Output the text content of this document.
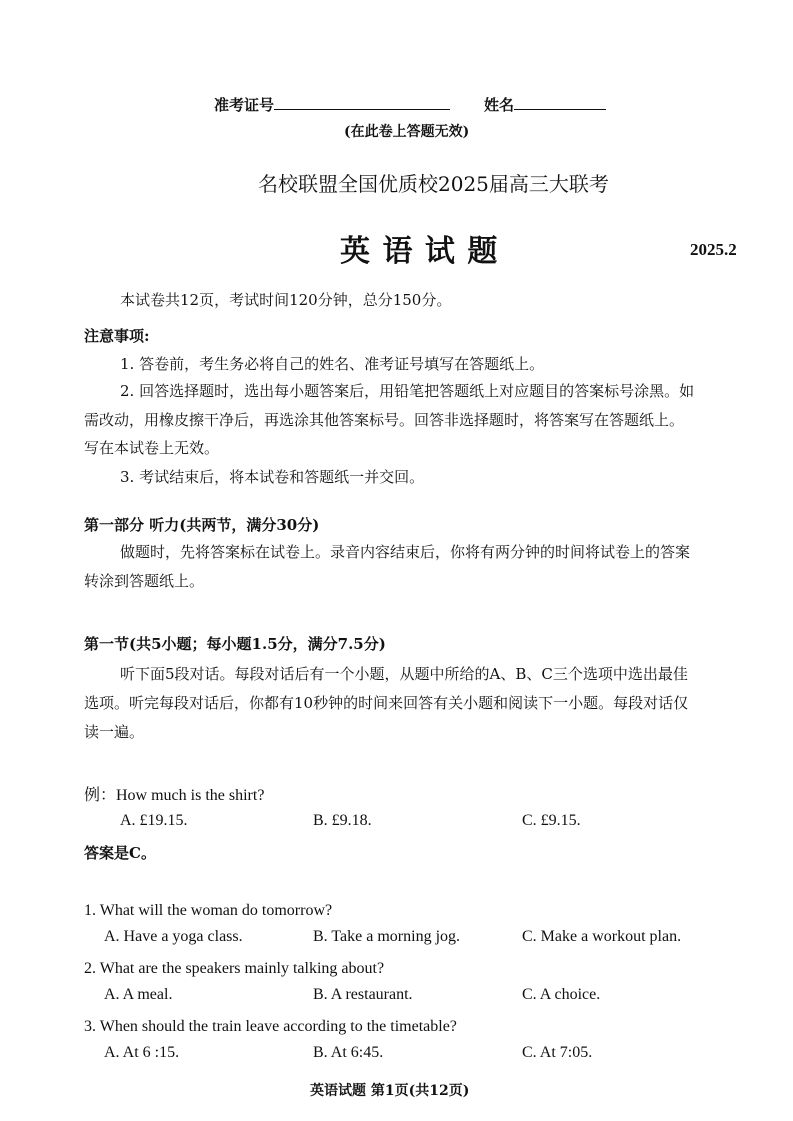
准考证号	姓名
(在此卷上答题无效)
名校联盟全国优质校2025届高三大联考
英 语 试 题	2025.2
本试卷共12页，考试时间120分钟，总分150分。
注意事项:
1. 答卷前，考生务必将自己的姓名、准考证号填写在答题纸上。
2. 回答选择题时，选出每小题答案后，用铅笔把答题纸上对应题目的答案标号涂黑。如
需改动，用橡皮擦干净后，再选涂其他答案标号。回答非选择题时，将答案写在答题纸上。
写在本试卷上无效。
3. 考试结束后，将本试卷和答题纸一并交回。
第一部分 听力(共两节，满分30分)
做题时，先将答案标在试卷上。录音内容结束后，你将有两分钟的时间将试卷上的答案
转涂到答题纸上。
第一节(共5小题；每小题1.5分，满分7.5分)
听下面5段对话。每段对话后有一个小题，从题中所给的A、B、C三个选项中选出最佳
选项。听完每段对话后，你都有10秒钟的时间来回答有关小题和阅读下一小题。每段对话仅
读一遍。
例：How much is the shirt?
A. £19.15.	B. £9.18.	C. £9.15.
答案是C。
1. What will the woman do tomorrow?
A. Have a yoga class.	B. Take a morning jog.	C. Make a workout plan.
2. What are the speakers mainly talking about?
A. A meal.	B. A restaurant.	C. A choice.
3. When should the train leave according to the timetable?
A. At 6 :15.	B. At 6:45.	C. At 7:05.
英语试题 第1页(共12页)
